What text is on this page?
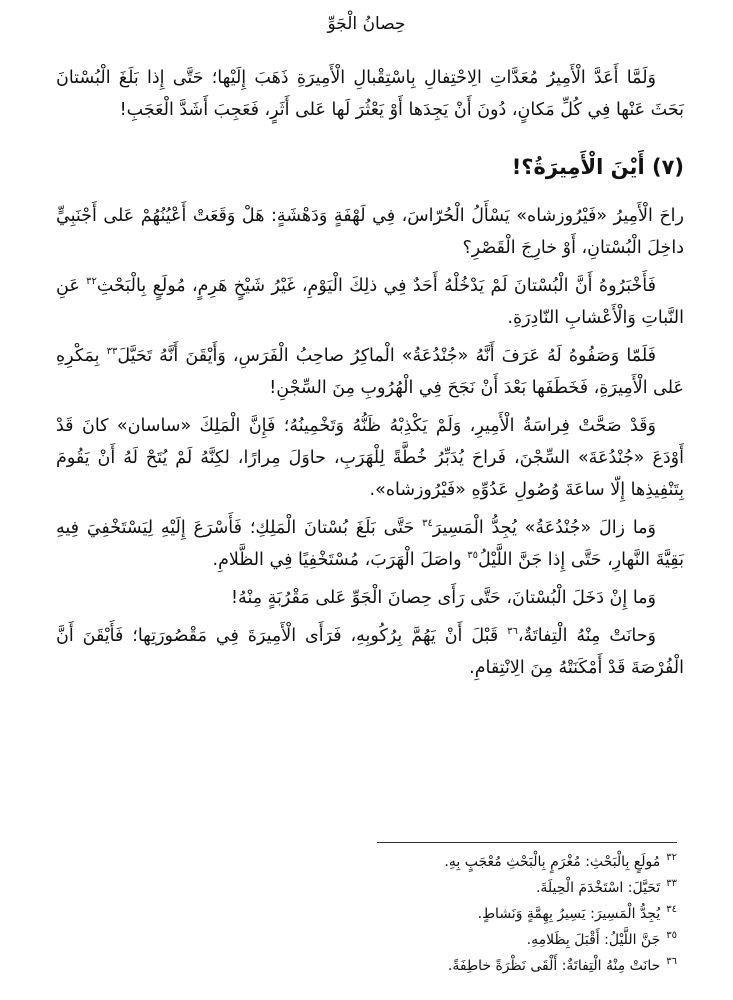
حِصانُ الْجَوِّ

وَلَمَّا أَعَدَّ الْأَمِيرُ مُعَدَّاتِ الِاحْتِفالِ بِاسْتِقْبالِ الْأَمِيرَةِ ذَهَبَ إِلَيْها؛ حَتَّى إِذا بَلَغَ الْبُسْتانَ بَحَثَ عَنْها فِي كُلِّ مَكانٍ، دُونَ أَنْ يَجِدَها أَوْ يَعْثُرَ لَها عَلى أَثَرٍ، فَعَجِبَ أَشَدَّ الْعَجَبِ!

(٧) أَيْنَ الْأَمِيرَةُ؟!

راحَ الْأَمِيرُ «فَيْرُوزشاه» يَسْأَلُ الْحُرّاسَ، فِي لَهْفَةٍ وَدَهْشَةٍ: هَلْ وَقَعَتْ أَعْيُنُهُمْ عَلى أَجْنَبِيٍّ داخِلَ الْبُسْتانِ، أَوْ خارِجَ الْقَصْرِ؟

فَأَخْبَرُوهُ أَنَّ الْبُسْتانَ لَمْ يَدْخُلْهُ أَحَدٌ فِي ذلِكَ الْيَوْمِ، غَيْرُ شَيْخٍ هَرِمٍ، مُولَعٍ بِالْبَحْثِ$^{٣٢}$ عَنِ النَّباتِ وَالْأَعْشابِ النّادِرَةِ.

فَلَمّا وَصَفُوهُ لَهُ عَرَفَ أَنَّهُ «جُنْدُعَةُ» الْماكِرُ صاحِبُ الْفَرَسِ، وَأَيْقَنَ أَنَّهُ تَحَيَّلَ$^{٣٣}$ بِمَكْرِهِ عَلى الْأَمِيرَةِ، فَخَطَفَها بَعْدَ أَنْ نَجَحَ فِي الْهُرُوبِ مِنَ السِّجْنِ!

وَقَدْ صَحَّتْ فِراسَةُ الْأَمِيرِ، وَلَمْ يَكْذِبْهُ ظَنُّهُ وَتَخْمِينُهُ؛ فَإِنَّ الْمَلِكَ «ساسان» كانَ قَدْ أَوْدَعَ «جُنْدُعَةَ» السِّجْنَ، فَراحَ يُدَبِّرُ خُطَّةً لِلْهَرَبِ، حاوَلَ مِرارًا، لكِنَّهُ لَمْ يُتَحْ لَهُ أَنْ يَقُومَ بِتَنْفِيذِها إِلّا ساعَةَ وُصُولِ عَدُوِّهِ «فَيْرُوزشاه».

وَما زالَ «جُنْدُعَةُ» يُجِدُّ الْمَسِيرَ$^{٣٤}$ حَتَّى بَلَغَ بُسْتانَ الْمَلِكِ؛ فَأَسْرَعَ إِلَيْهِ لِيَسْتَخْفِيَ فِيهِ بَقِيَّةَ النَّهارِ، حَتَّى إِذا جَنَّ اللَّيْلُ$^{٣٥}$ واصَلَ الْهَرَبَ، مُسْتَخْفِيًا فِي الظَّلامِ.

وَما إِنْ دَخَلَ الْبُسْتانَ، حَتَّى رَأَى حِصانَ الْجَوِّ عَلى مَقْرُبَةٍ مِنْهُ!

وَحانَتْ مِنْهُ الْتِفاتَةٌ،$^{٣٦}$ قَبْلَ أَنْ يَهُمَّ بِرُكُوبِهِ، فَرَأَى الْأَمِيرَةَ فِي مَقْصُورَتِها؛ فَأَيْقَنَ أَنَّ الْفُرْصَةَ قَدْ أَمْكَنَتْهُ مِنَ الِانْتِقامِ.

٣٢مُولَعٍ بِالْبَحْثِ: مُغْرَمٍ بِالْبَحْثِ مُعْجَبٍ بِهِ.
٣٣تَحَيَّلَ: اسْتَخْدَمَ الْحِيلَةَ.
٣٤يُجِدُّ الْمَسِيرَ: يَسِيرُ بِهِمَّةٍ وَنَشاطٍ.
٣٥جَنَّ اللَّيْلُ: أَقْبَلَ بِظَلامِهِ.
٣٦حانَتْ مِنْهُ الْتِفاتَةٌ: أَلْقَى نَظْرَةً خاطِفَةً.
